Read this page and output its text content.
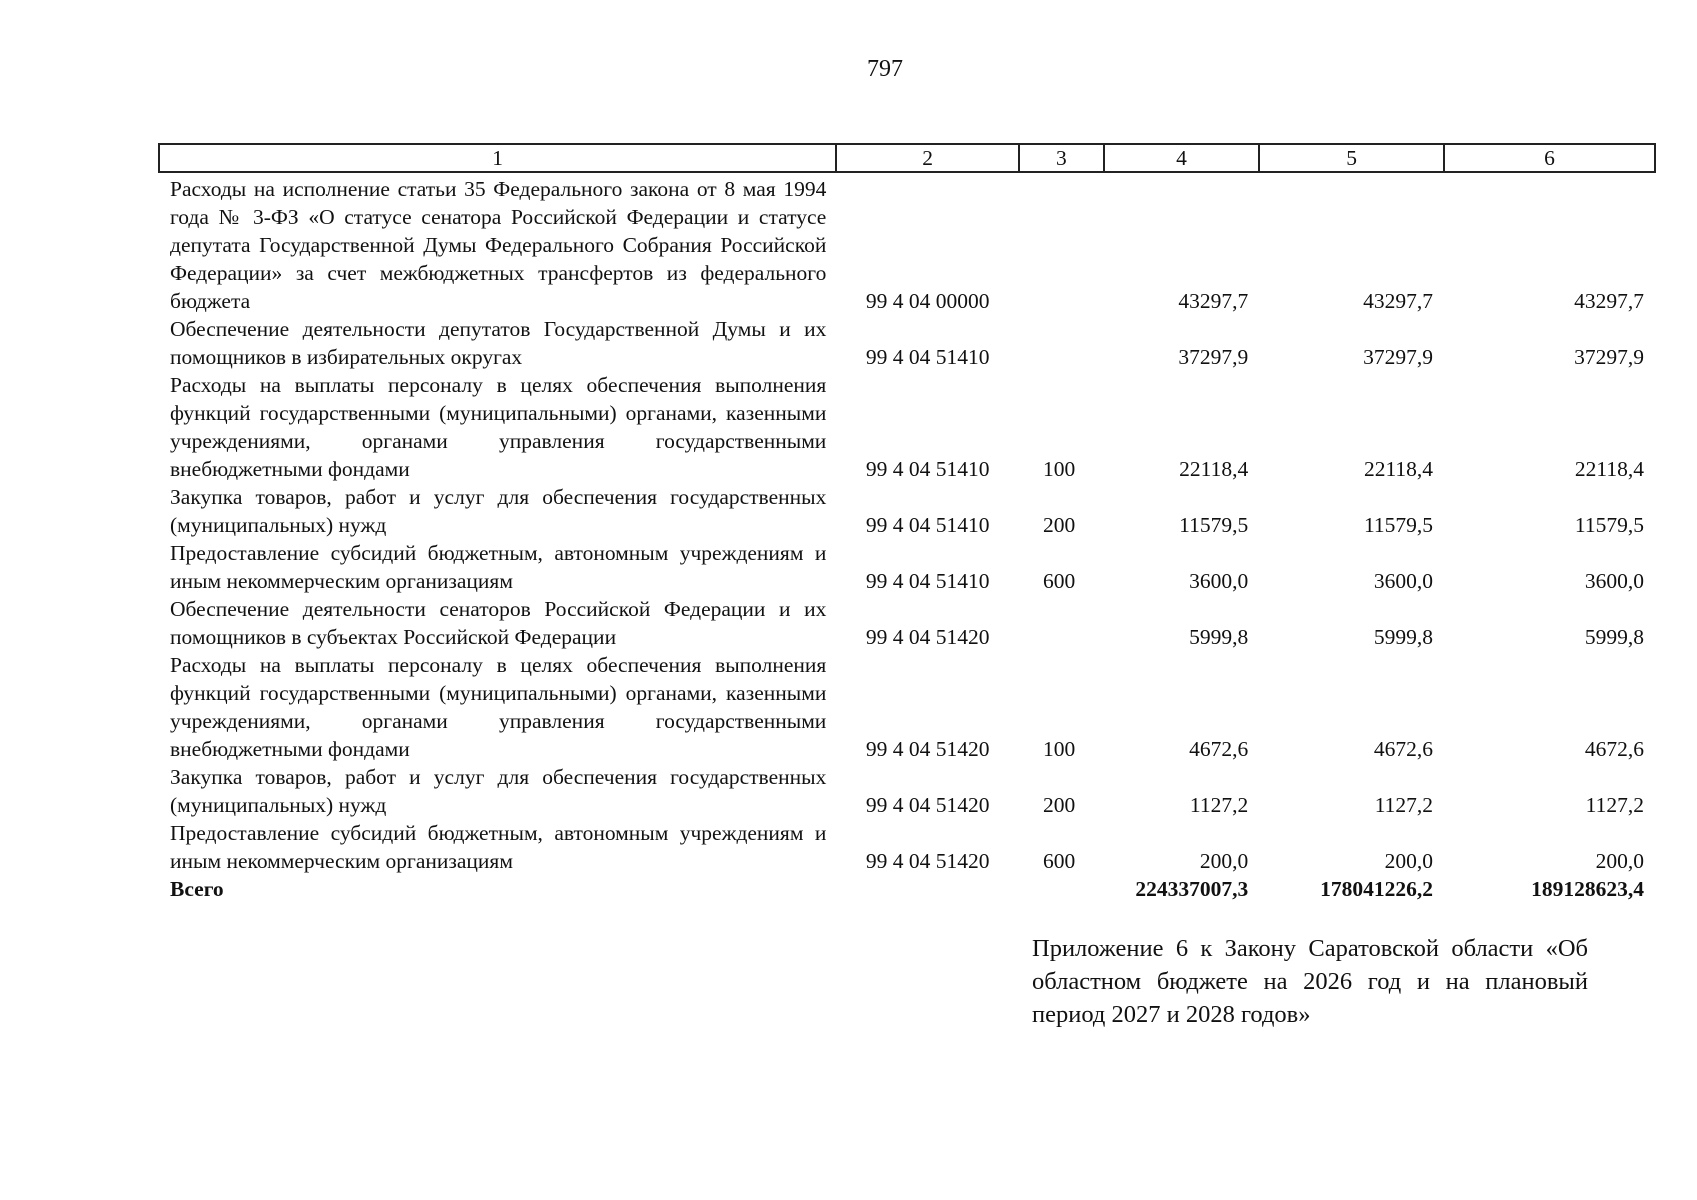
797
1	2	3	4	5	6
Расходы на исполнение статьи 35 Федерального закона от 8 мая 1994 года № 3-ФЗ «О статусе сенатора Российской Федерации и статусе депутата Государственной Думы Федерального Собрания Российской Федерации» за счет межбюджетных трансфертов из федерального бюджета	99 4 04 00000		43297,7	43297,7	43297,7
Обеспечение деятельности депутатов Государственной Думы и их помощников в избирательных округах	99 4 04 51410		37297,9	37297,9	37297,9
Расходы на выплаты персоналу в целях обеспечения выполнения функций государственными (муниципальными) органами, казенными учреждениями, органами управления государственными внебюджетными фондами	99 4 04 51410	100	22118,4	22118,4	22118,4
Закупка товаров, работ и услуг для обеспечения государственных (муниципальных) нужд	99 4 04 51410	200	11579,5	11579,5	11579,5
Предоставление субсидий бюджетным, автономным учреждениям и иным некоммерческим организациям	99 4 04 51410	600	3600,0	3600,0	3600,0
Обеспечение деятельности сенаторов Российской Федерации и их помощников в субъектах Российской Федерации	99 4 04 51420		5999,8	5999,8	5999,8
Расходы на выплаты персоналу в целях обеспечения выполнения функций государственными (муниципальными) органами, казенными учреждениями, органами управления государственными внебюджетными фондами	99 4 04 51420	100	4672,6	4672,6	4672,6
Закупка товаров, работ и услуг для обеспечения государственных (муниципальных) нужд	99 4 04 51420	200	1127,2	1127,2	1127,2
Предоставление субсидий бюджетным, автономным учреждениям и иным некоммерческим организациям	99 4 04 51420	600	200,0	200,0	200,0
Всего			224337007,3	178041226,2	189128623,4
Приложение 6 к Закону Саратовской области «Об областном бюджете на 2026 год и на плановый период 2027 и 2028 годов»
